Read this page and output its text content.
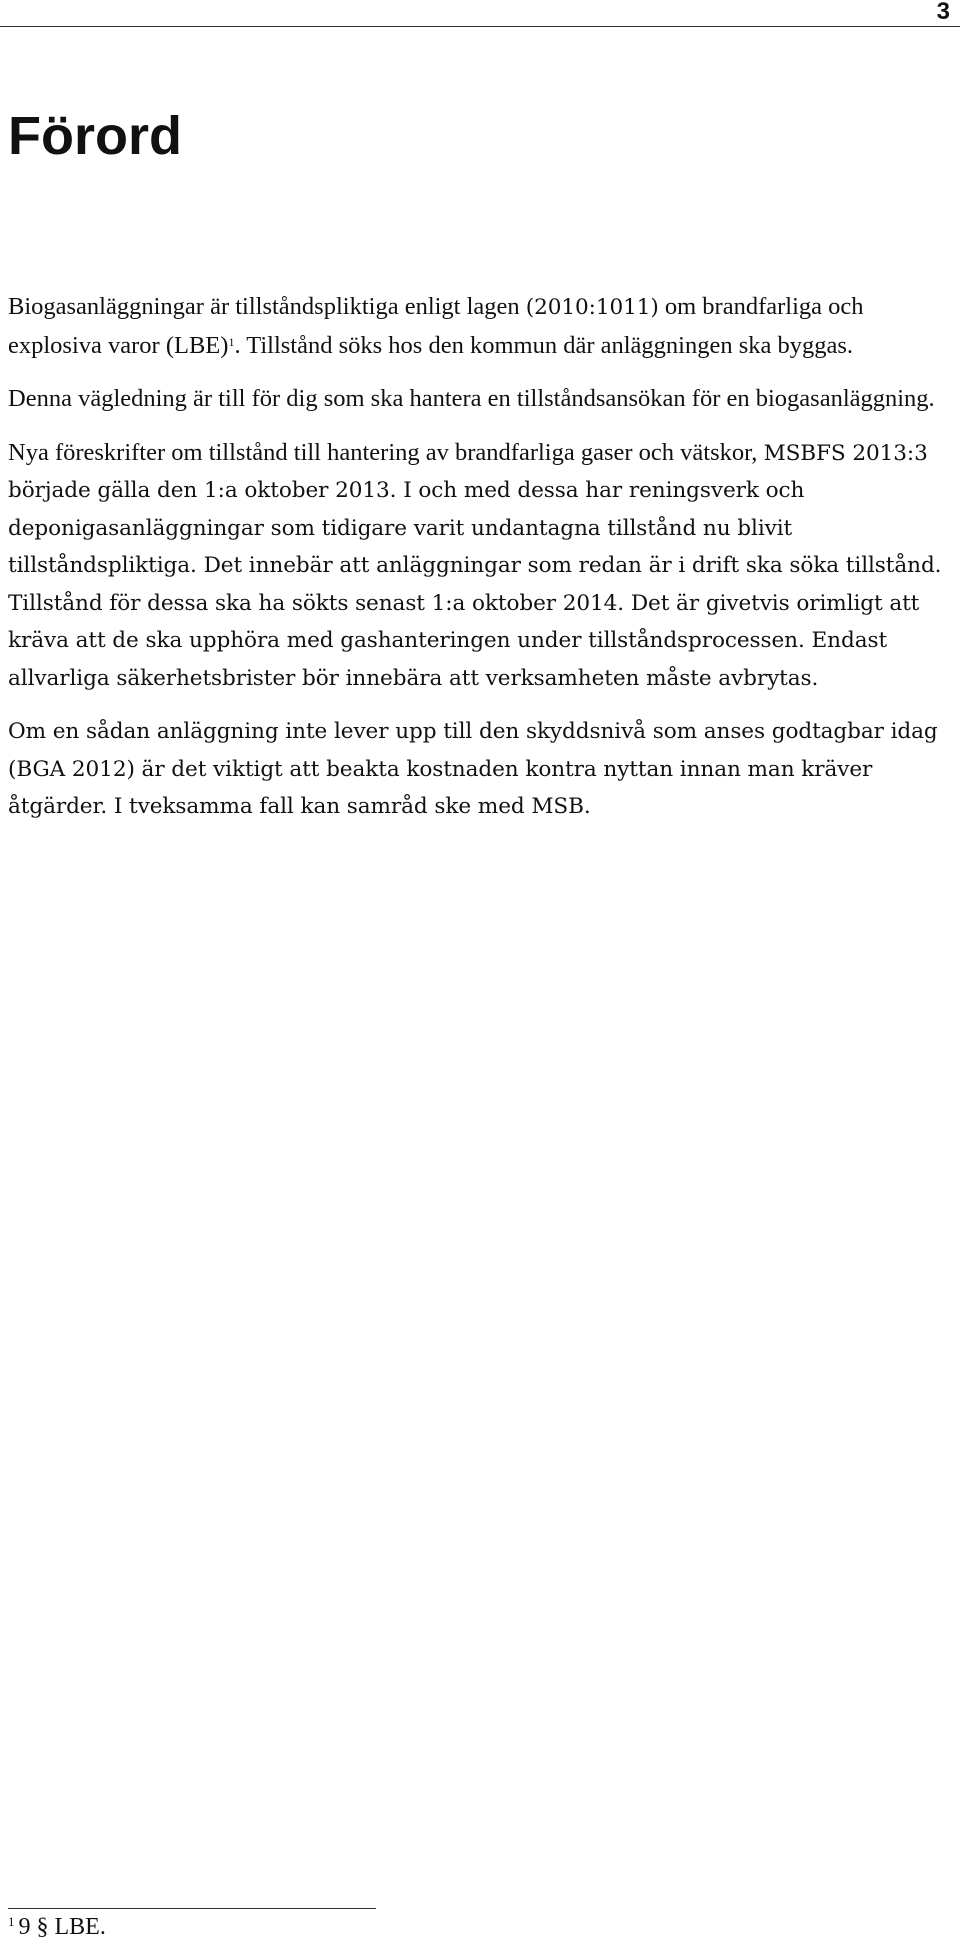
3
Förord

Biogasanläggningar är tillståndspliktiga enligt lagen (2010:1011) om brandfarliga och explosiva varor (LBE)$^1$. Tillstånd söks hos den kommun där anläggningen ska byggas.

Denna vägledning är till för dig som ska hantera en tillståndsansökan för en biogasanläggning.

Nya föreskrifter om tillstånd till hantering av brandfarliga gaser och vätskor, MSBFS 2013:3 började gälla den 1:a oktober 2013. I och med dessa har reningsverk och deponigasanläggningar som tidigare varit undantagna tillstånd nu blivit tillståndspliktiga. Det innebär att anläggningar som redan är i drift ska söka tillstånd. Tillstånd för dessa ska ha sökts senast 1:a oktober 2014. Det är givetvis orimligt att kräva att de ska upphöra med gashanteringen under tillståndsprocessen. Endast allvarliga säkerhetsbrister bör innebära att verksamheten måste avbrytas.

Om en sådan anläggning inte lever upp till den skyddsnivå som anses godtagbar idag (BGA 2012) är det viktigt att beakta kostnaden kontra nyttan innan man kräver åtgärder. I tveksamma fall kan samråd ske med MSB.

$^1$ 9 § LBE.
